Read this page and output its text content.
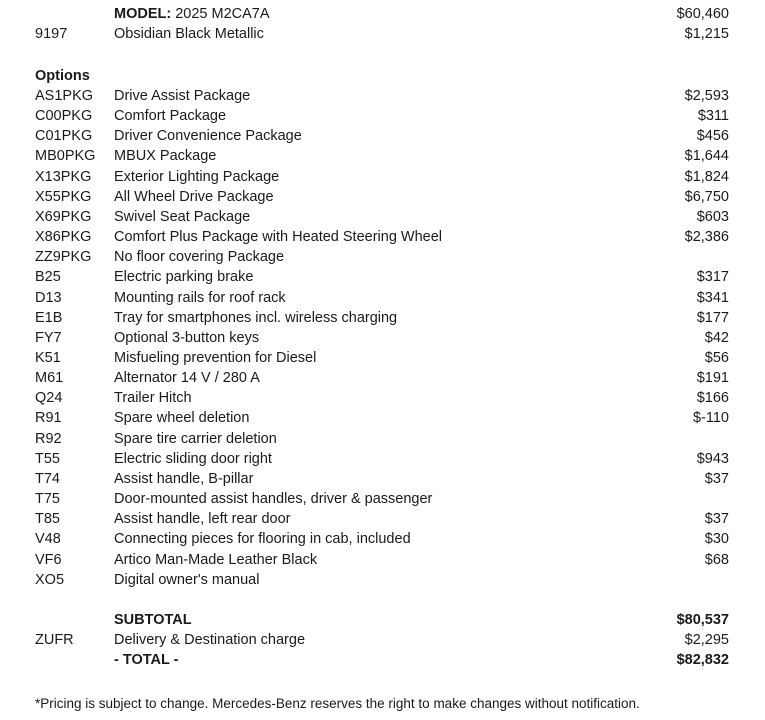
MODEL: 2025 M2CA7A	$60,460
9197	Obsidian Black Metallic	$1,215
Options
AS1PKG Drive Assist Package	$2,593
C00PKG Comfort Package	$311
C01PKG Driver Convenience Package	$456
MB0PKG MBUX Package	$1,644
X13PKG Exterior Lighting Package	$1,824
X55PKG All Wheel Drive Package	$6,750
X69PKG Swivel Seat Package	$603
X86PKG Comfort Plus Package with Heated Steering Wheel	$2,386
ZZ9PKG No floor covering Package
B25	Electric parking brake	$317
D13	Mounting rails for roof rack	$341
E1B	Tray for smartphones incl. wireless charging	$177
FY7	Optional 3-button keys	$42
K51	Misfueling prevention for Diesel	$56
M61	Alternator 14 V / 280 A	$191
Q24	Trailer Hitch	$166
R91	Spare wheel deletion	$-110
R92	Spare tire carrier deletion
T55	Electric sliding door right	$943
T74	Assist handle, B-pillar	$37
T75	Door-mounted assist handles, driver & passenger
T85	Assist handle, left rear door	$37
V48	Connecting pieces for flooring in cab, included	$30
VF6	Artico Man-Made Leather Black	$68
XO5	Digital owner's manual
SUBTOTAL	$80,537
ZUFR	Delivery & Destination charge	$2,295
- TOTAL -	$82,832
*Pricing is subject to change. Mercedes-Benz reserves the right to make changes without notification.
